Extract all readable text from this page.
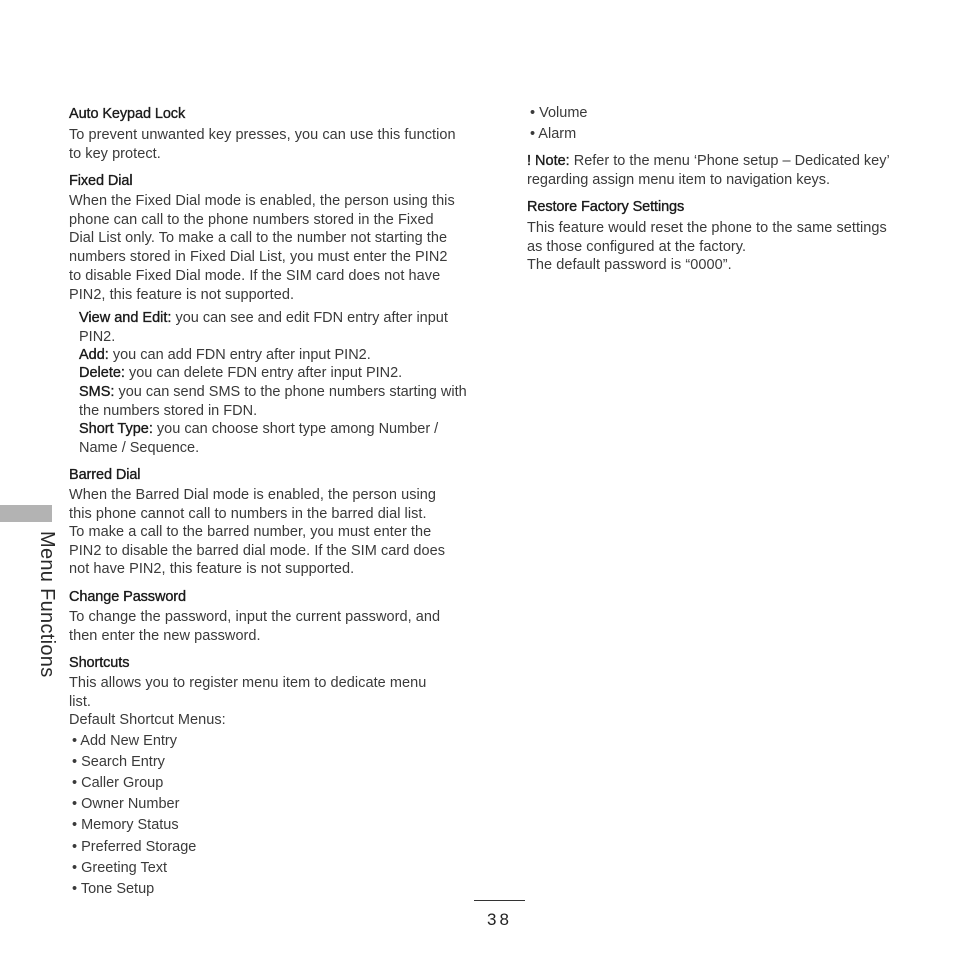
Menu Functions
Auto Keypad Lock
To prevent unwanted key presses, you can use this function
to key protect.
Fixed Dial
When the Fixed Dial mode is enabled, the person using this
phone can call to the phone numbers stored in the Fixed
Dial List only. To make a call to the number not starting the
numbers stored in Fixed Dial List, you must enter the PIN2
to disable Fixed Dial mode. If the SIM card does not have
PIN2, this feature is not supported.
View and Edit: you can see and edit FDN entry after input PIN2.
Add: you can add FDN entry after input PIN2.
Delete: you can delete FDN entry after input PIN2.
SMS: you can send SMS to the phone numbers starting with the numbers stored in FDN.
Short Type: you can choose short type among Number / Name / Sequence.
Barred Dial
When the Barred Dial mode is enabled, the person using
this phone cannot call to numbers in the barred dial list.
To make a call to the barred number, you must enter the
PIN2 to disable the barred dial mode. If the SIM card does
not have PIN2, this feature is not supported.
Change Password
To change the password, input the current password, and
then enter the new password.
Shortcuts
This allows you to register menu item to dedicate menu
list.
Default Shortcut Menus:
• Add New Entry
• Search Entry
• Caller Group
• Owner Number
• Memory Status
• Preferred Storage
• Greeting Text
• Tone Setup
• Volume
• Alarm
! Note: Refer to the menu ‘Phone setup – Dedicated key’ regarding assign menu item to navigation keys.
Restore Factory Settings
This feature would reset the phone to the same settings
as those configured at the factory.
The default password is “0000”.
38
